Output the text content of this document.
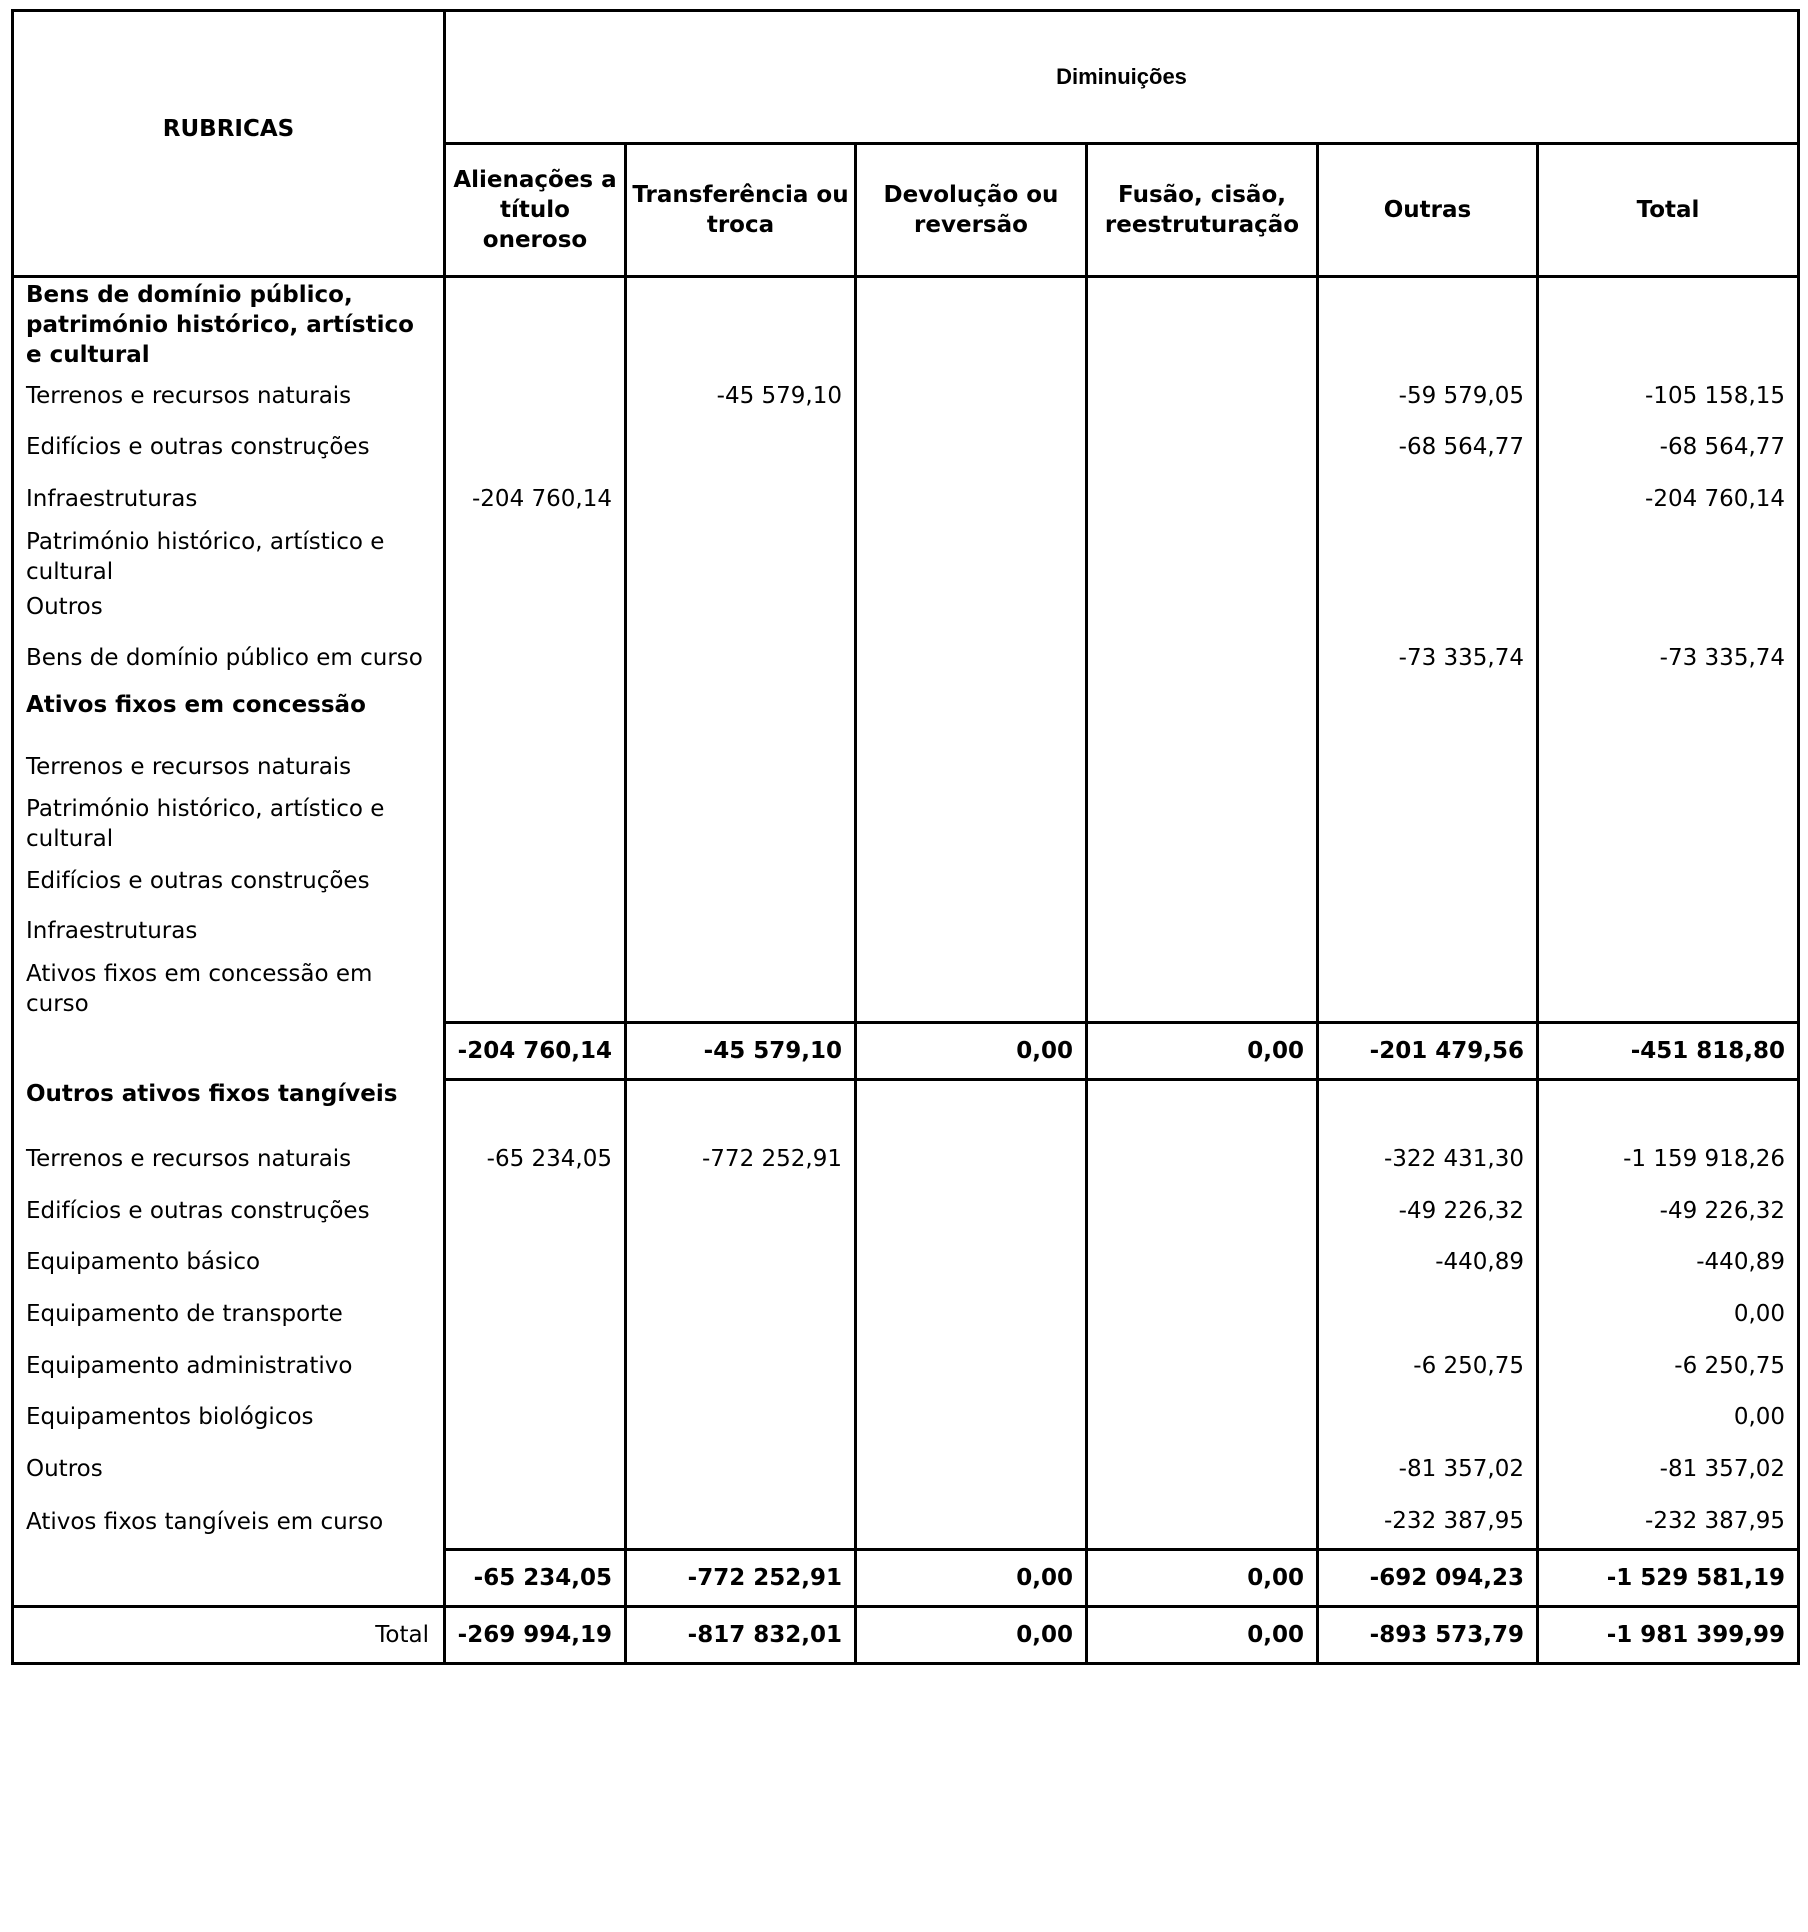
RUBRICAS	Diminuições					
	Alienações a título oneroso	Transferência ou troca	Devolução ou reversão	Fusão, cisão, reestruturação	Outras	Total
Bens de domínio público, património histórico, artístico e cultural						
Terrenos e recursos naturais		-45 579,10			-59 579,05	-105 158,15
Edifícios e outras construções					-68 564,77	-68 564,77
Infraestruturas	-204 760,14					-204 760,14
Património histórico, artístico e cultural						
Outros						
Bens de domínio público em curso					-73 335,74	-73 335,74
Ativos fixos em concessão						
Terrenos e recursos naturais						
Património histórico, artístico e cultural						
Edifícios e outras construções						
Infraestruturas						
Ativos fixos em concessão em curso						
	-204 760,14	-45 579,10	0,00	0,00	-201 479,56	-451 818,80
Outros ativos fixos tangíveis						
Terrenos e recursos naturais	-65 234,05	-772 252,91			-322 431,30	-1 159 918,26
Edifícios e outras construções					-49 226,32	-49 226,32
Equipamento básico					-440,89	-440,89
Equipamento de transporte						0,00
Equipamento administrativo					-6 250,75	-6 250,75
Equipamentos biológicos						0,00
Outros					-81 357,02	-81 357,02
Ativos fixos tangíveis em curso					-232 387,95	-232 387,95
	-65 234,05	-772 252,91	0,00	0,00	-692 094,23	-1 529 581,19
Total	-269 994,19	-817 832,01	0,00	0,00	-893 573,79	-1 981 399,99
